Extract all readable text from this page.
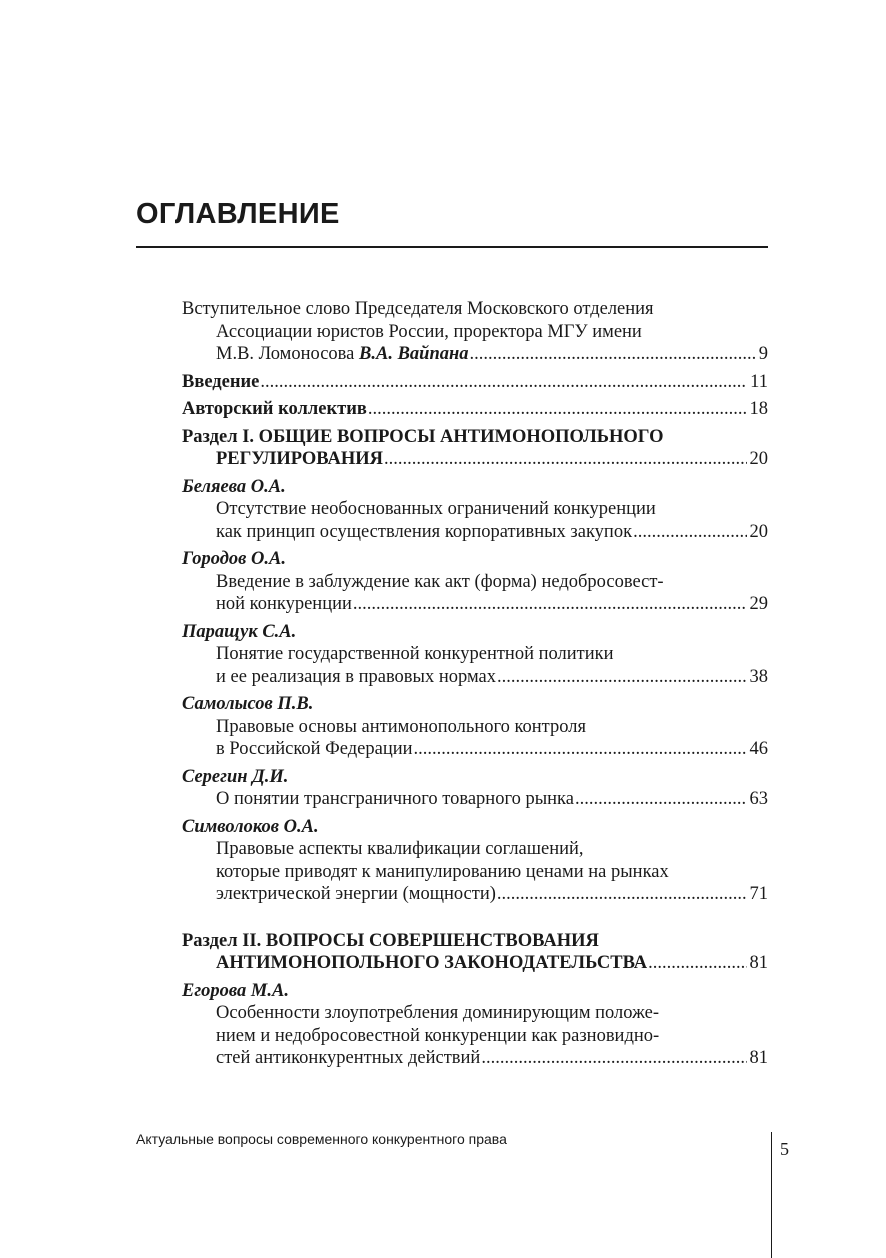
ОГЛАВЛЕНИЕ
Вступительное слово Председателя Московского отделения
Ассоциации юристов России, проректора МГУ имени
М.В. Ломоносова В.А. Вайпана .....	9
Введение .....	11
Авторский коллектив .....	18
Раздел I. ОБЩИЕ ВОПРОСЫ АНТИМОНОПОЛЬНОГО
РЕГУЛИРОВАНИЯ .....	20
Беляева О.А.
Отсутствие необоснованных ограничений конкуренции
как принцип осуществления корпоративных закупок .....	20
Городов О.А.
Введение в заблуждение как акт (форма) недобросовест-
ной конкуренции .....	29
Паращук С.А.
Понятие государственной конкурентной политики
и ее реализация в правовых нормах .....	38
Самолысов П.В.
Правовые основы антимонопольного контроля
в Российской Федерации .....	46
Серегин Д.И.
О понятии трансграничного товарного рынка .....	63
Символоков О.А.
Правовые аспекты квалификации соглашений,
которые приводят к манипулированию ценами на рынках
электрической энергии (мощности) .....	71
Раздел II. ВОПРОСЫ СОВЕРШЕНСТВОВАНИЯ
АНТИМОНОПОЛЬНОГО ЗАКОНОДАТЕЛЬСТВА .....	81
Егорова М.А.
Особенности злоупотребления доминирующим положе-
нием и недобросовестной конкуренции как разновидно-
стей антиконкурентных действий .....	81
Актуальные вопросы современного конкурентного права	5
